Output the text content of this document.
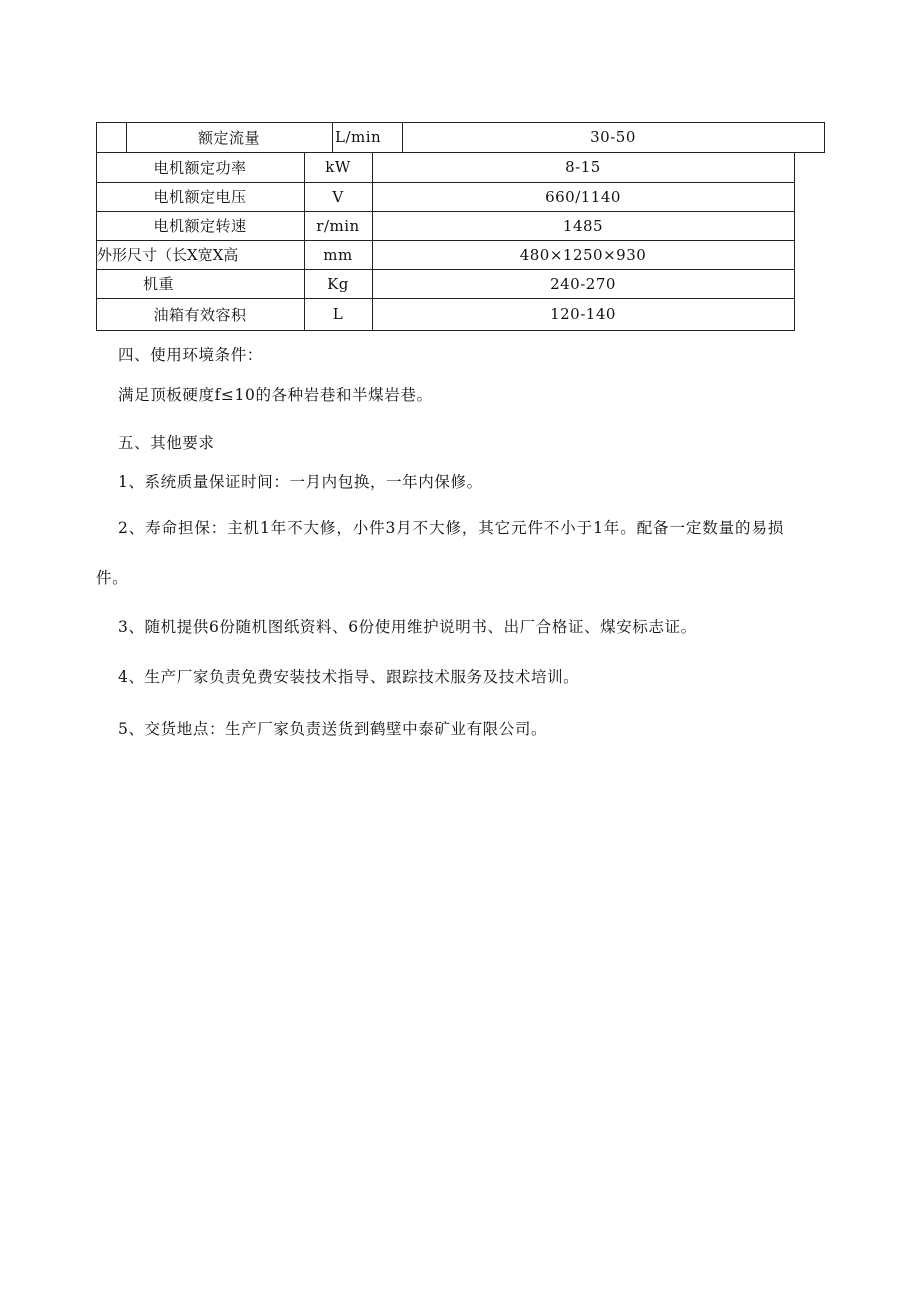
额定流量	L/min	30-50
电机额定功率	kW	8-15
电机额定电压	V	660/1140
电机额定转速	r/min	1485
外形尺寸（长X宽X高	mm	480×1250×930
机重	Kg	240-270
油箱有效容积	L	120-140
四、使用环境条件：
满足顶板硬度f≤10的各种岩巷和半煤岩巷。
五、其他要求
1、系统质量保证时间：一月内包换，一年内保修。
2、寿命担保：主机1年不大修，小件3月不大修，其它元件不小于1年。配备一定数量的易损
件。
3、随机提供6份随机图纸资料、6份使用维护说明书、出厂合格证、煤安标志证。
4、生产厂家负责免费安装技术指导、跟踪技术服务及技术培训。
5、交货地点：生产厂家负责送货到鹤壁中泰矿业有限公司。
